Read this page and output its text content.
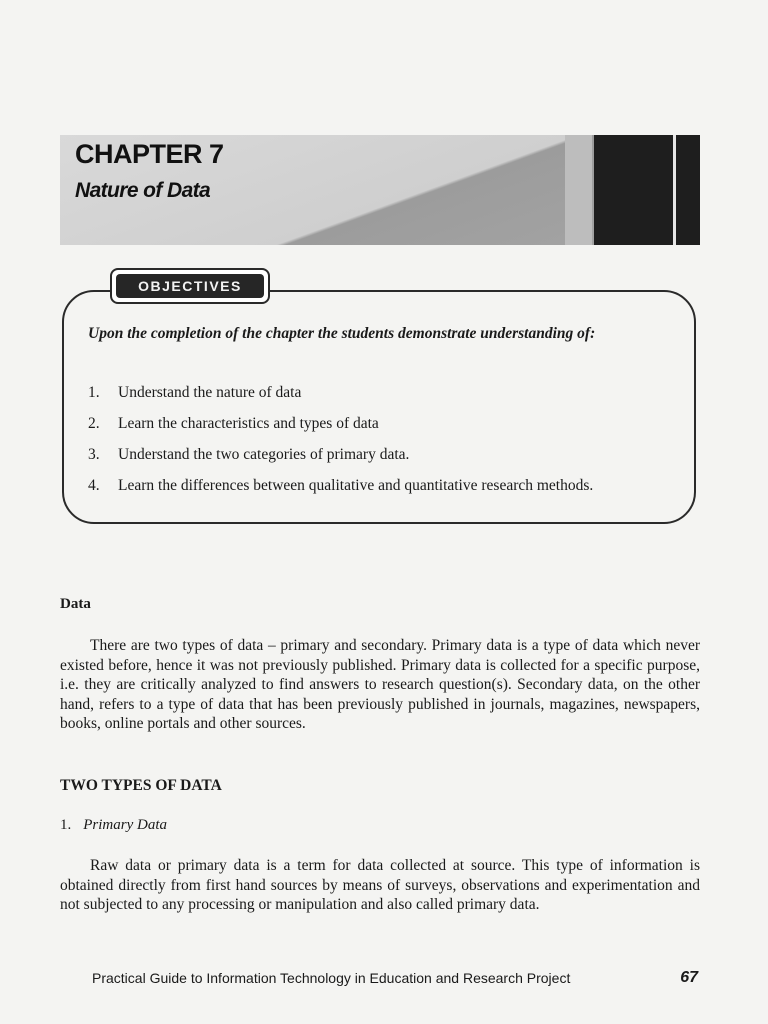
CHAPTER 7
Nature of Data
OBJECTIVES
Upon the completion of the chapter the students demonstrate understanding of:
1. Understand the nature of data
2. Learn the characteristics and types of data
3. Understand the two categories of primary data.
4. Learn the differences between qualitative and quantitative research methods.
Data

There are two types of data – primary and secondary. Primary data is a type of data which never existed before, hence it was not previously published. Primary data is collected for a specific purpose, i.e. they are critically analyzed to find answers to research question(s). Secondary data, on the other hand, refers to a type of data that has been previously published in journals, magazines, newspapers, books, online portals and other sources.

TWO TYPES OF DATA
1. Primary Data

Raw data or primary data is a term for data collected at source. This type of information is obtained directly from first hand sources by means of surveys, observations and experimentation and not subjected to any processing or manipulation and also called primary data.

Practical Guide to Information Technology in Education and Research Project	67
